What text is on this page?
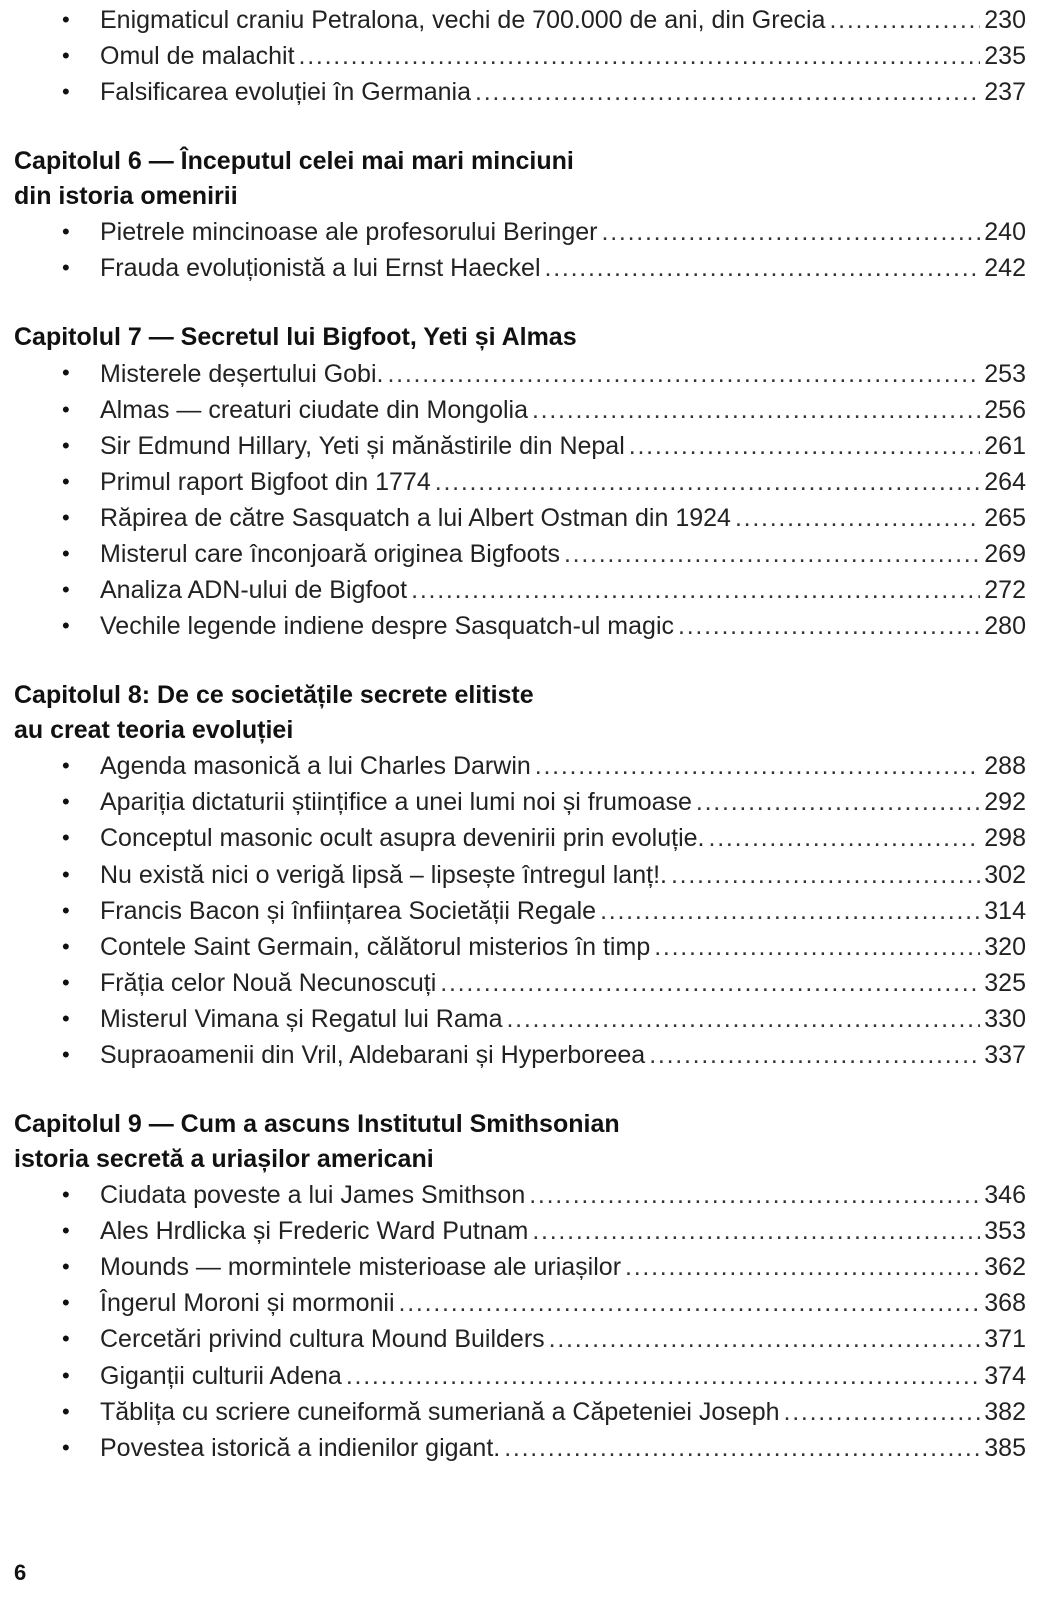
•	Enigmaticul craniu Petralona, vechi de 700.000 de ani, din Grecia . . .	230
•	Omul de malachit . . .	235
•	Falsificarea evoluției în Germania . . .	237
Capitolul 6 — Începutul celei mai mari minciuni
din istoria omenirii
•	Pietrele mincinoase ale profesorului Beringer . . .	240
•	Frauda evoluționistă a lui Ernst Haeckel . . .	242
Capitolul 7 — Secretul lui Bigfoot, Yeti și Almas
•	Misterele deșertului Gobi. . . .	253
•	Almas — creaturi ciudate din Mongolia . . .	256
•	Sir Edmund Hillary, Yeti și mănăstirile din Nepal . . .	261
•	Primul raport Bigfoot din 1774 . . .	264
•	Răpirea de către Sasquatch a lui Albert Ostman din 1924 . . .	265
•	Misterul care înconjoară originea Bigfoots . . .	269
•	Analiza ADN-ului de Bigfoot . . .	272
•	Vechile legende indiene despre Sasquatch-ul magic . . .	280
Capitolul 8: De ce societățile secrete elitiste
au creat teoria evoluției
•	Agenda masonică a lui Charles Darwin . . .	288
•	Apariția dictaturii științifice a unei lumi noi și frumoase . . .	292
•	Conceptul masonic ocult asupra devenirii prin evoluție. . . .	298
•	Nu există nici o verigă lipsă – lipsește întregul lanț!. . . .	302
•	Francis Bacon și înființarea Societății Regale . . .	314
•	Contele Saint Germain, călătorul misterios în timp . . .	320
•	Frăția celor Nouă Necunoscuți . . .	325
•	Misterul Vimana și Regatul lui Rama . . .	330
•	Supraoamenii din Vril, Aldebarani și Hyperboreea . . .	337
Capitolul 9 — Cum a ascuns Institutul Smithsonian
istoria secretă a uriașilor americani
•	Ciudata poveste a lui James Smithson . . .	346
•	Ales Hrdlicka și Frederic Ward Putnam . . .	353
•	Mounds — mormintele misterioase ale uriașilor . . .	362
•	Îngerul Moroni și mormonii . . .	368
•	Cercetări privind cultura Mound Builders . . .	371
•	Giganții culturii Adena . . .	374
•	Tăblița cu scriere cuneiformă sumeriană a Căpeteniei Joseph . . .	382
•	Povestea istorică a indienilor gigant. . . .	385
6
